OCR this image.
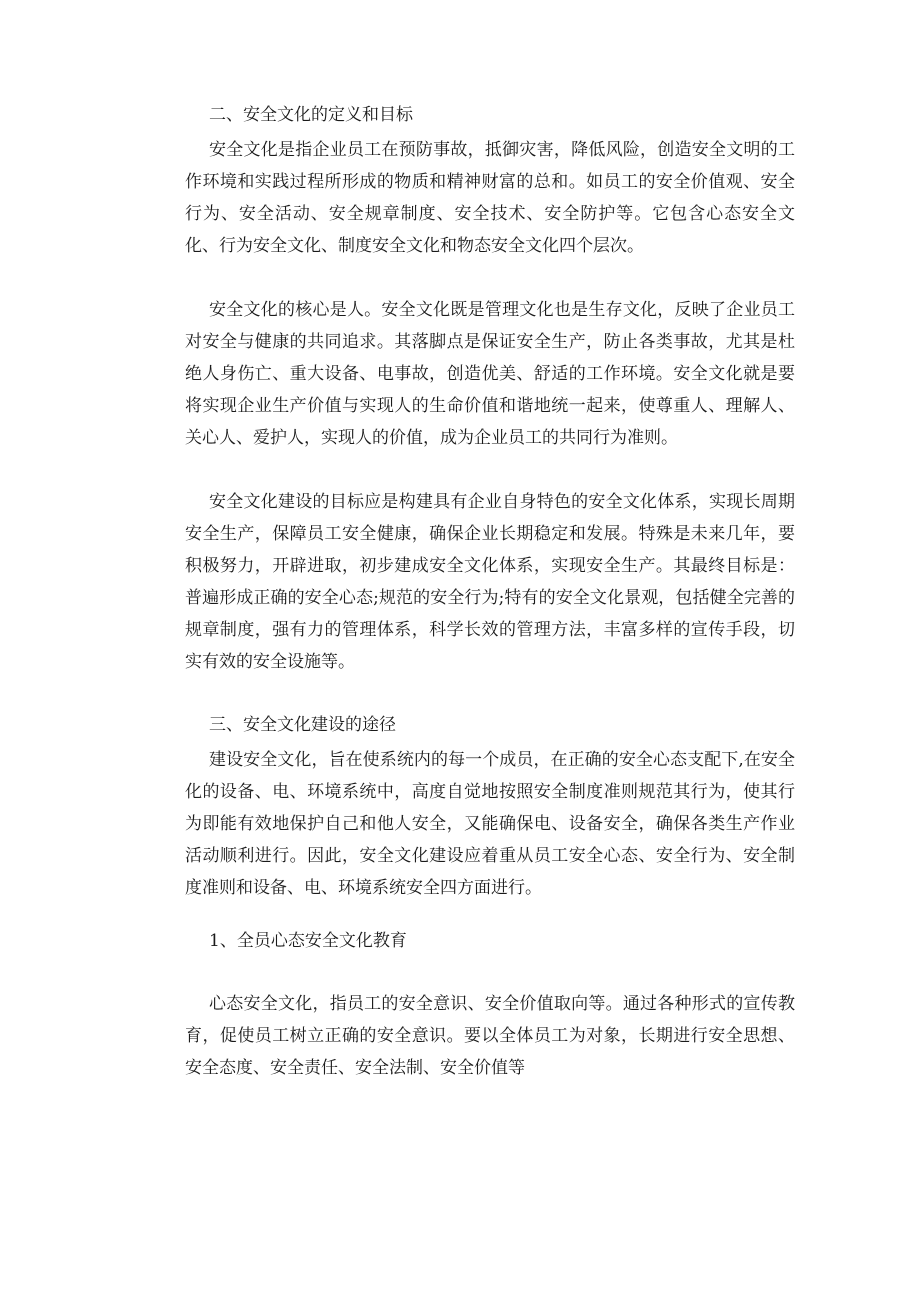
二、安全文化的定义和目标

安全文化是指企业员工在预防事故，抵御灾害，降低风险，创造安全文明的工作环境和实践过程所形成的物质和精神财富的总和。如员工的安全价值观、安全行为、安全活动、安全规章制度、安全技术、安全防护等。它包含心态安全文化、行为安全文化、制度安全文化和物态安全文化四个层次。

安全文化的核心是人。安全文化既是管理文化也是生存文化，反映了企业员工对安全与健康的共同追求。其落脚点是保证安全生产，防止各类事故，尤其是杜绝人身伤亡、重大设备、电事故，创造优美、舒适的工作环境。安全文化就是要将实现企业生产价值与实现人的生命价值和谐地统一起来，使尊重人、理解人、关心人、爱护人，实现人的价值，成为企业员工的共同行为准则。

安全文化建设的目标应是构建具有企业自身特色的安全文化体系，实现长周期安全生产，保障员工安全健康，确保企业长期稳定和发展。特殊是未来几年，要积极努力，开辟进取，初步建成安全文化体系，实现安全生产。其最终目标是：普遍形成正确的安全心态;规范的安全行为;特有的安全文化景观，包括健全完善的规章制度，强有力的管理体系，科学长效的管理方法，丰富多样的宣传手段，切实有效的安全设施等。

三、安全文化建设的途径

建设安全文化，旨在使系统内的每一个成员，在正确的安全心态支配下,在安全化的设备、电、环境系统中，高度自觉地按照安全制度准则规范其行为，使其行为即能有效地保护自己和他人安全，又能确保电、设备安全，确保各类生产作业活动顺利进行。因此，安全文化建设应着重从员工安全心态、安全行为、安全制度准则和设备、电、环境系统安全四方面进行。

1、全员心态安全文化教育

心态安全文化，指员工的安全意识、安全价值取向等。通过各种形式的宣传教育，促使员工树立正确的安全意识。要以全体员工为对象，长期进行安全思想、安全态度、安全责任、安全法制、安全价值等
